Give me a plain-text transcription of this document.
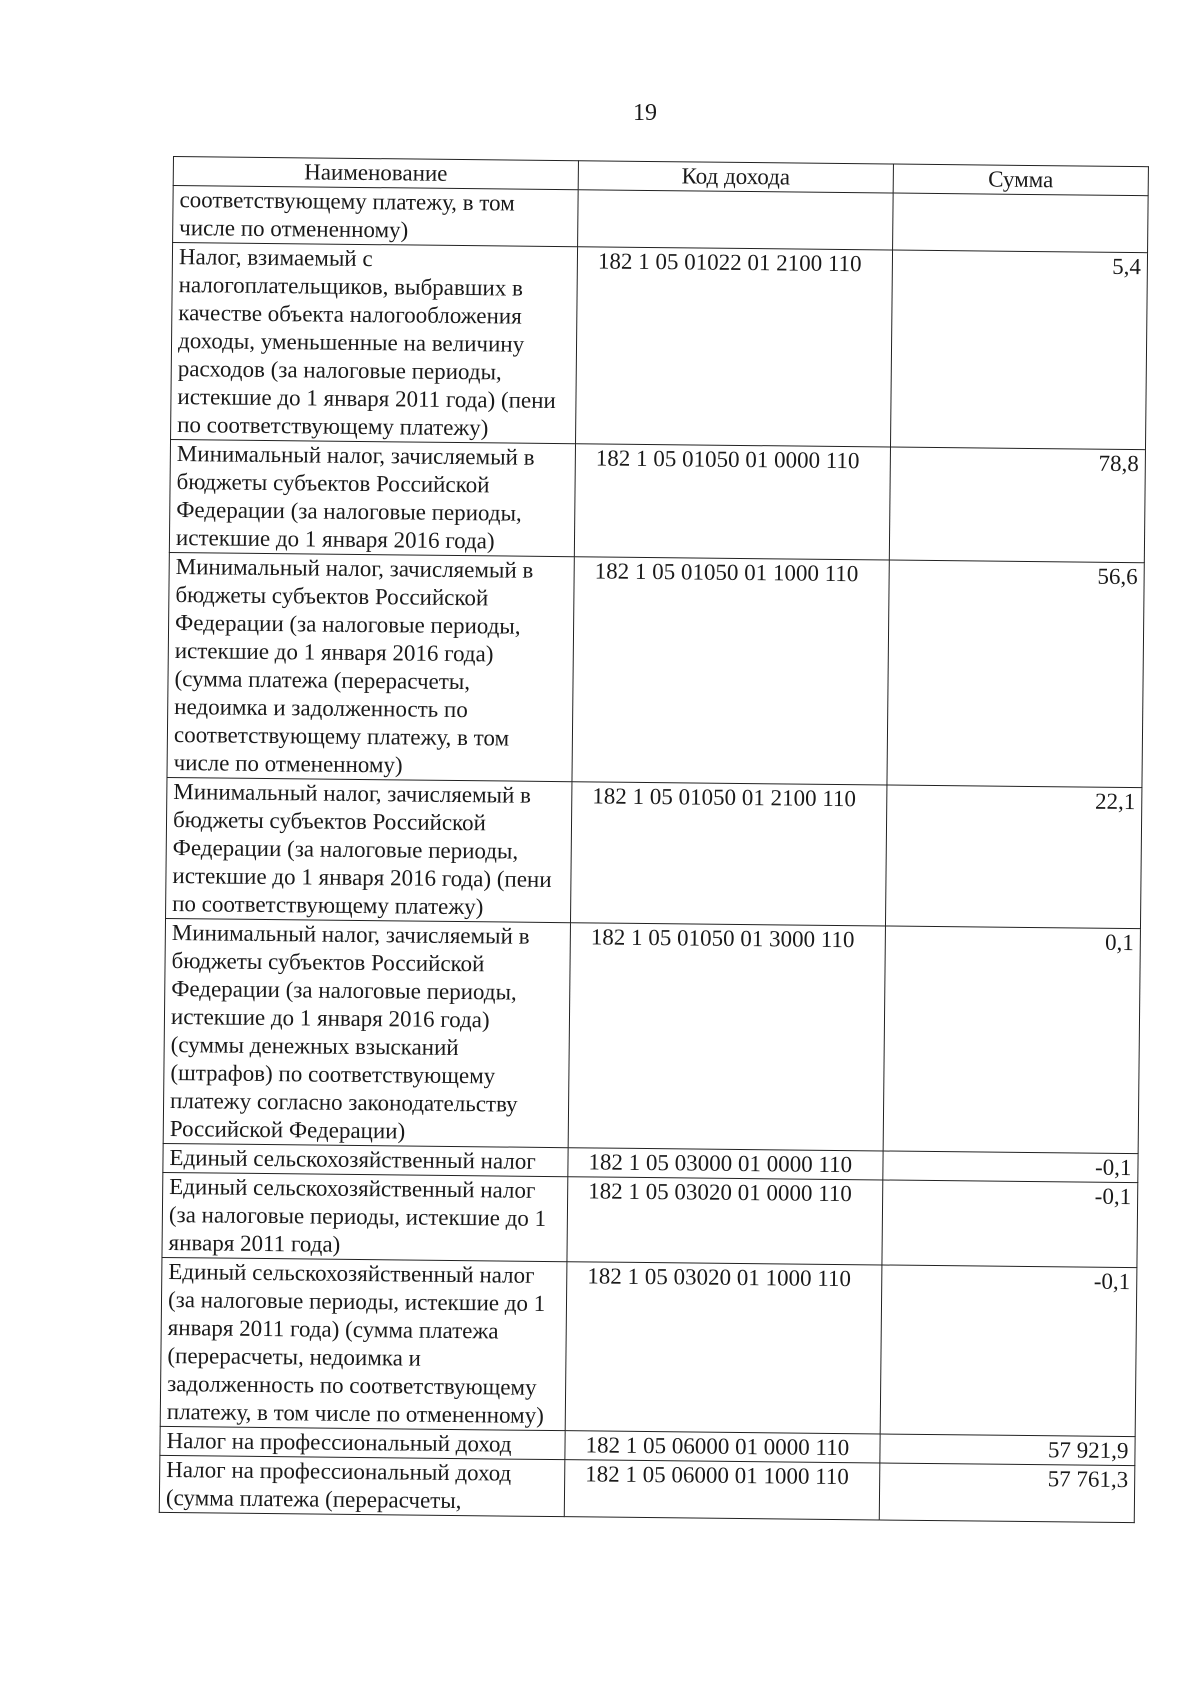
19
Наименование	Код дохода	Сумма
соответствующему платежу, в том числе по отмененному)		
Налог, взимаемый с налогоплательщиков, выбравших в качестве объекта налогообложения доходы, уменьшенные на величину расходов (за налоговые периоды, истекшие до 1 января 2011 года) (пени по соответствующему платежу)	182 1 05 01022 01 2100 110	5,4
Минимальный налог, зачисляемый в бюджеты субъектов Российской Федерации (за налоговые периоды, истекшие до 1 января 2016 года)	182 1 05 01050 01 0000 110	78,8
Минимальный налог, зачисляемый в бюджеты субъектов Российской Федерации (за налоговые периоды, истекшие до 1 января 2016 года) (сумма платежа (перерасчеты, недоимка и задолженность по соответствующему платежу, в том числе по отмененному)	182 1 05 01050 01 1000 110	56,6
Минимальный налог, зачисляемый в бюджеты субъектов Российской Федерации (за налоговые периоды, истекшие до 1 января 2016 года) (пени по соответствующему платежу)	182 1 05 01050 01 2100 110	22,1
Минимальный налог, зачисляемый в бюджеты субъектов Российской Федерации (за налоговые периоды, истекшие до 1 января 2016 года) (суммы денежных взысканий (штрафов) по соответствующему платежу согласно законодательству Российской Федерации)	182 1 05 01050 01 3000 110	0,1
Единый сельскохозяйственный налог	182 1 05 03000 01 0000 110	-0,1
Единый сельскохозяйственный налог (за налоговые периоды, истекшие до 1 января 2011 года)	182 1 05 03020 01 0000 110	-0,1
Единый сельскохозяйственный налог (за налоговые периоды, истекшие до 1 января 2011 года) (сумма платежа (перерасчеты, недоимка и задолженность по соответствующему платежу, в том числе по отмененному)	182 1 05 03020 01 1000 110	-0,1
Налог на профессиональный доход	182 1 05 06000 01 0000 110	57 921,9
Налог на профессиональный доход (сумма платежа (перерасчеты,	182 1 05 06000 01 1000 110	57 761,3
